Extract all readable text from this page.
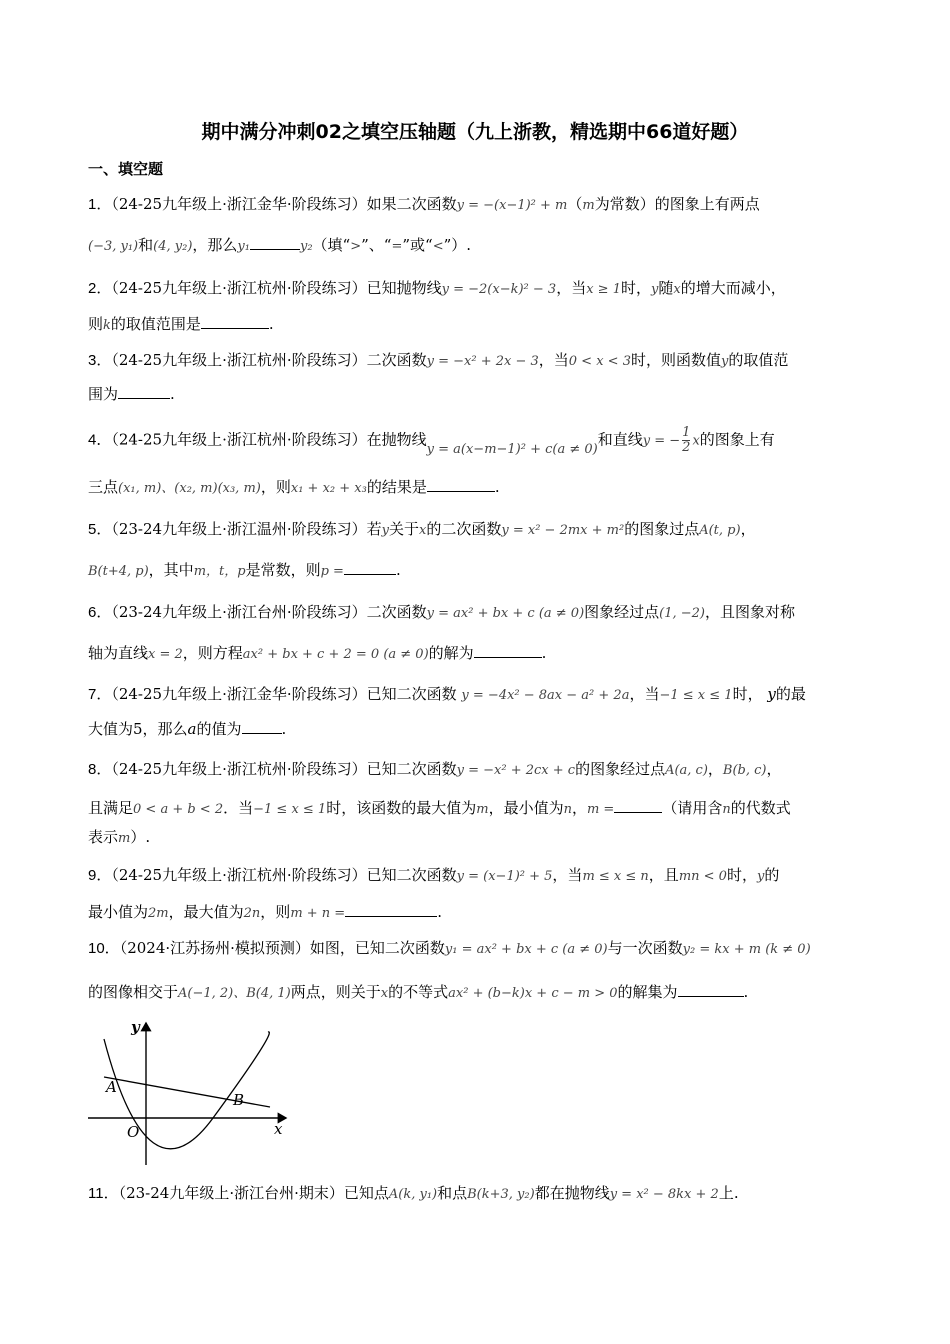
期中满分冲刺02之填空压轴题（九上浙教，精选期中66道好题）
一、填空题
1．（24-25九年级上·浙江金华·阶段练习）如果二次函数y = −(x−1)² + m（m为常数）的图象上有两点
(−3, y₁)和(4, y₂)，那么y₁	y₂（填“>”、“=”或“<”）.
2．（24-25九年级上·浙江杭州·阶段练习）已知抛物线y = −2(x−k)² − 3，当x ≥ 1时，y随x的增大而减小，
则k的取值范围是	.
3．（24-25九年级上·浙江杭州·阶段练习）二次函数y = −x² + 2x − 3，当0 < x < 3时，则函数值y的取值范
围为	.
4．（24-25九年级上·浙江杭州·阶段练习）在抛物线y = a(x−m−1)² + c(a ≠ 0)和直线y = − $\frac{1}{2}$ x的图象上有
三点(x₁, m)、(x₂, m)(x₃, m)，则x₁ + x₂ + x₃的结果是	.
5．（23-24九年级上·浙江温州·阶段练习）若y关于x的二次函数y = x² − 2mx + m²的图象过点A(t, p)，
B(t+4, p)，其中m，t，p是常数，则p =	.
6．（23-24九年级上·浙江台州·阶段练习）二次函数y = ax² + bx + c (a ≠ 0)图象经过点(1, −2)，且图象对称
轴为直线x = 2，则方程ax² + bx + c + 2 = 0 (a ≠ 0)的解为	.
7．（24-25九年级上·浙江金华·阶段练习）已知二次函数 y = −4x² − 8ax − a² + 2a，当−1 ≤ x ≤ 1时， y的最
大值为5，那么a的值为	.
8．（24-25九年级上·浙江杭州·阶段练习）已知二次函数y = −x² + 2cx + c的图象经过点A(a, c)，B(b, c)，
且满足0 < a + b < 2．当−1 ≤ x ≤ 1时，该函数的最大值为m，最小值为n，m =	（请用含n的代数式
表示m）.
9．（24-25九年级上·浙江杭州·阶段练习）已知二次函数y = (x−1)² + 5，当m ≤ x ≤ n，且mn < 0时，y的
最小值为2m，最大值为2n，则m + n =	.
10．（2024·江苏扬州·模拟预测）如图，已知二次函数y₁ = ax² + bx + c (a ≠ 0)与一次函数y₂ = kx + m (k ≠ 0)
的图像相交于A(−1, 2)、B(4, 1)两点，则关于x的不等式ax² + (b−k)x + c − m > 0的解集为	.
y
x
O
A
B
11．（23-24九年级上·浙江台州·期末）已知点A(k, y₁)和点B(k+3, y₂)都在抛物线y = x² − 8kx + 2上.
